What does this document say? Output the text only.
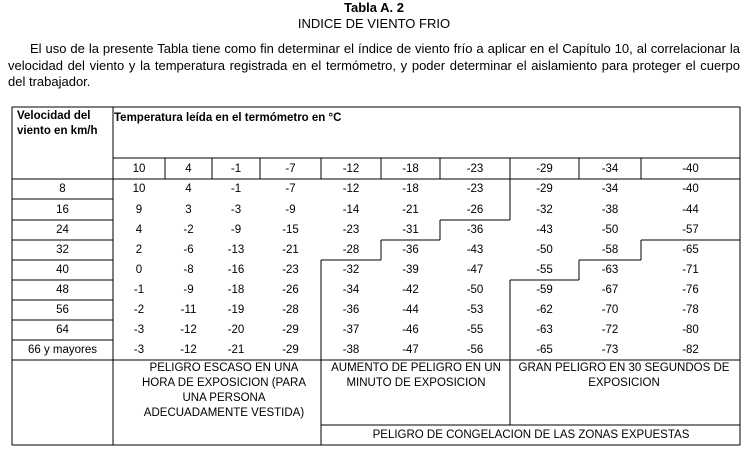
Tabla A. 2
INDICE DE VIENTO FRIO

El uso de la presente Tabla tiene como fin determinar el índice de viento frío a aplicar en el Capítulo 10, al correlacionar la velocidad del viento y la temperatura registrada en el termómetro, y poder determinar el aislamiento para proteger el cuerpo del trabajador.

Velocidad del viento en km/h
Temperatura leída en el termómetro en °C
10	4	-1	-7	-12	-18	-23	-29	-34	-40
8	10	4	-1	-7	-12	-18	-23	-29	-34	-40
16	9	3	-3	-9	-14	-21	-26	-32	-38	-44
24	4	-2	-9	-15	-23	-31	-36	-43	-50	-57
32	2	-6	-13	-21	-28	-36	-43	-50	-58	-65
40	0	-8	-16	-23	-32	-39	-47	-55	-63	-71
48	-1	-9	-18	-26	-34	-42	-50	-59	-67	-76
56	-2	-11	-19	-28	-36	-44	-53	-62	-70	-78
64	-3	-12	-20	-29	-37	-46	-55	-63	-72	-80
66 y mayores	-3	-12	-21	-29	-38	-47	-56	-65	-73	-82
PELIGRO ESCASO EN UNA HORA DE EXPOSICION (PARA UNA PERSONA ADECUADAMENTE VESTIDA)
AUMENTO DE PELIGRO EN UN MINUTO DE EXPOSICION
GRAN PELIGRO EN 30 SEGUNDOS DE EXPOSICION
PELIGRO DE CONGELACION DE LAS ZONAS EXPUESTAS
